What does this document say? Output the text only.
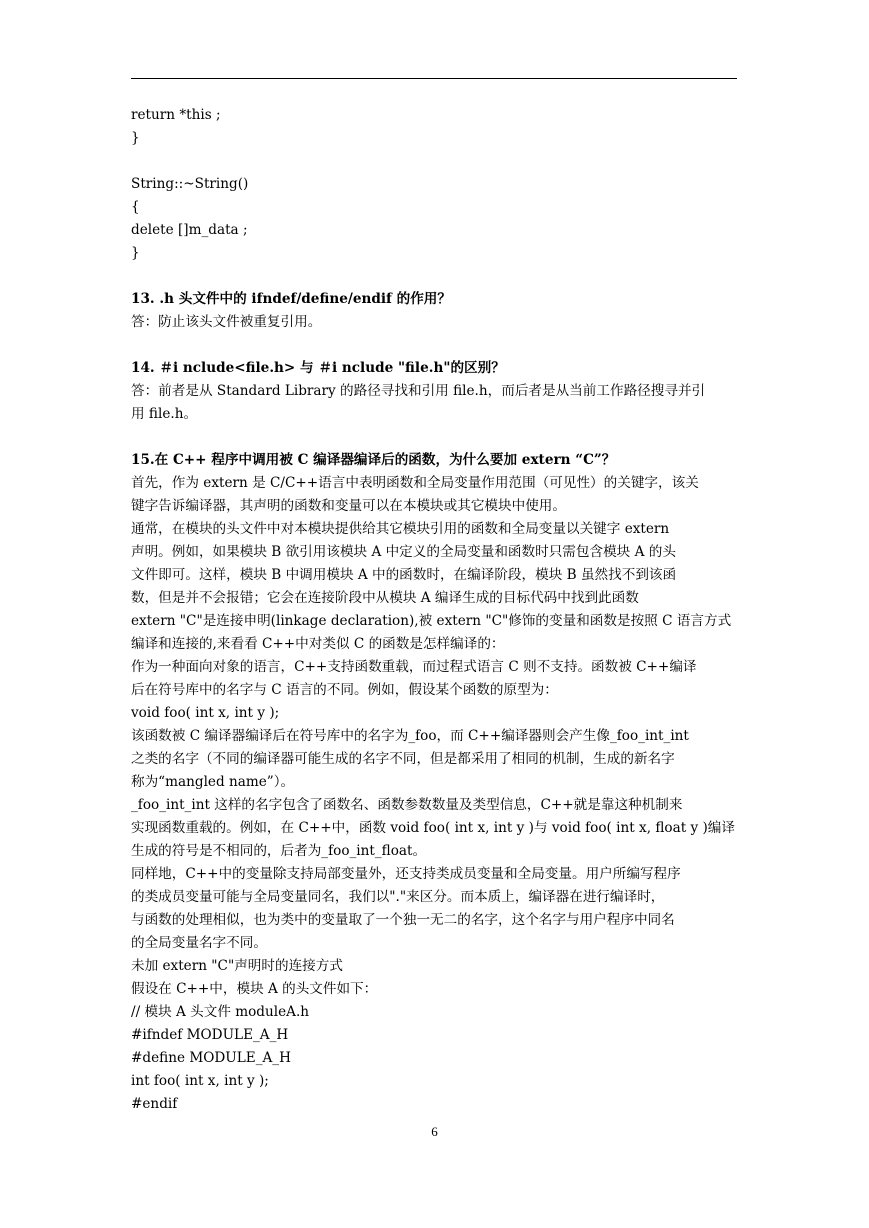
return *this ;
}
String::~String()
{
delete []m_data ;
}
13. .h 头文件中的 ifndef/define/endif 的作用？
答：防止该头文件被重复引用。
14. ＃i nclude<file.h> 与 ＃i nclude "file.h"的区别？
答：前者是从 Standard Library 的路径寻找和引用 file.h，而后者是从当前工作路径搜寻并引
用 file.h。
15.在 C++ 程序中调用被 C 编译器编译后的函数，为什么要加 extern “C”？
首先，作为 extern 是 C/C++语言中表明函数和全局变量作用范围（可见性）的关键字，该关
键字告诉编译器，其声明的函数和变量可以在本模块或其它模块中使用。
通常，在模块的头文件中对本模块提供给其它模块引用的函数和全局变量以关键字 extern
声明。例如，如果模块 B 欲引用该模块 A 中定义的全局变量和函数时只需包含模块 A 的头
文件即可。这样，模块 B 中调用模块 A 中的函数时，在编译阶段，模块 B 虽然找不到该函
数，但是并不会报错；它会在连接阶段中从模块 A 编译生成的目标代码中找到此函数
extern "C"是连接申明(linkage declaration),被 extern "C"修饰的变量和函数是按照 C 语言方式
编译和连接的,来看看 C++中对类似 C 的函数是怎样编译的：
作为一种面向对象的语言，C++支持函数重载，而过程式语言 C 则不支持。函数被 C++编译
后在符号库中的名字与 C 语言的不同。例如，假设某个函数的原型为：
void foo( int x, int y );
该函数被 C 编译器编译后在符号库中的名字为_foo，而 C++编译器则会产生像_foo_int_int
之类的名字（不同的编译器可能生成的名字不同，但是都采用了相同的机制，生成的新名字
称为“mangled name”）。
_foo_int_int 这样的名字包含了函数名、函数参数数量及类型信息，C++就是靠这种机制来
实现函数重载的。例如，在 C++中，函数 void foo( int x, int y )与 void foo( int x, float y )编译
生成的符号是不相同的，后者为_foo_int_float。
同样地，C++中的变量除支持局部变量外，还支持类成员变量和全局变量。用户所编写程序
的类成员变量可能与全局变量同名，我们以"."来区分。而本质上，编译器在进行编译时，
与函数的处理相似，也为类中的变量取了一个独一无二的名字，这个名字与用户程序中同名
的全局变量名字不同。
未加 extern "C"声明时的连接方式
假设在 C++中，模块 A 的头文件如下：
// 模块 A 头文件 moduleA.h
#ifndef MODULE_A_H
#define MODULE_A_H
int foo( int x, int y );
#endif
6
